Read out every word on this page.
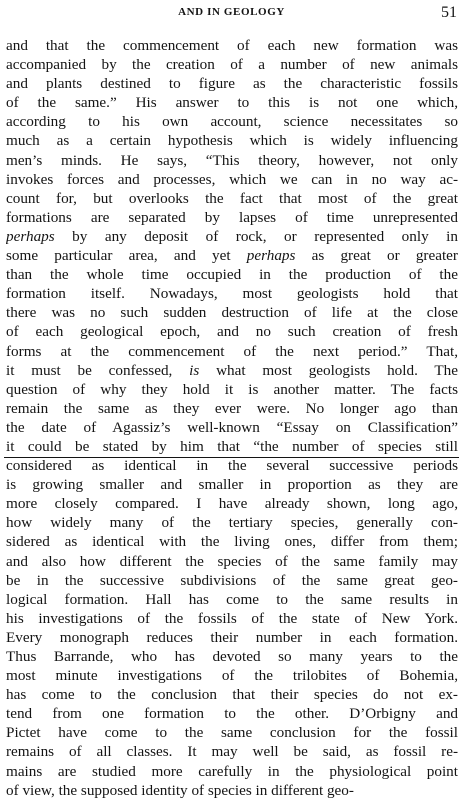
AND IN GEOLOGY	51
and that the commencement of each new formation was
accompanied by the creation of a number of new animals
and plants destined to figure as the characteristic fossils
of the same.” His answer to this is not one which,
according to his own account, science necessitates so
much as a certain hypothesis which is widely influencing
men’s minds. He says, “This theory, however, not only
invokes forces and processes, which we can in no way ac-
count for, but overlooks the fact that most of the great
formations are separated by lapses of time unrepresented
perhaps by any deposit of rock, or represented only in
some particular area, and yet perhaps as great or greater
than the whole time occupied in the production of the
formation itself. Nowadays, most geologists hold that
there was no such sudden destruction of life at the close
of each geological epoch, and no such creation of fresh
forms at the commencement of the next period.” That,
it must be confessed, is what most geologists hold. The
question of why they hold it is another matter. The facts
remain the same as they ever were. No longer ago than
the date of Agassiz’s well-known “Essay on Classification”
it could be stated by him that “the number of species still
considered as identical in the several successive periods
is growing smaller and smaller in proportion as they are
more closely compared. I have already shown, long ago,
how widely many of the tertiary species, generally con-
sidered as identical with the living ones, differ from them;
and also how different the species of the same family may
be in the successive subdivisions of the same great geo-
logical formation. Hall has come to the same results in
his investigations of the fossils of the state of New York.
Every monograph reduces their number in each formation.
Thus Barrande, who has devoted so many years to the
most minute investigations of the trilobites of Bohemia,
has come to the conclusion that their species do not ex-
tend from one formation to the other. D’Orbigny and
Pictet have come to the same conclusion for the fossil
remains of all classes. It may well be said, as fossil re-
mains are studied more carefully in the physiological point
of view, the supposed identity of species in different geo-
